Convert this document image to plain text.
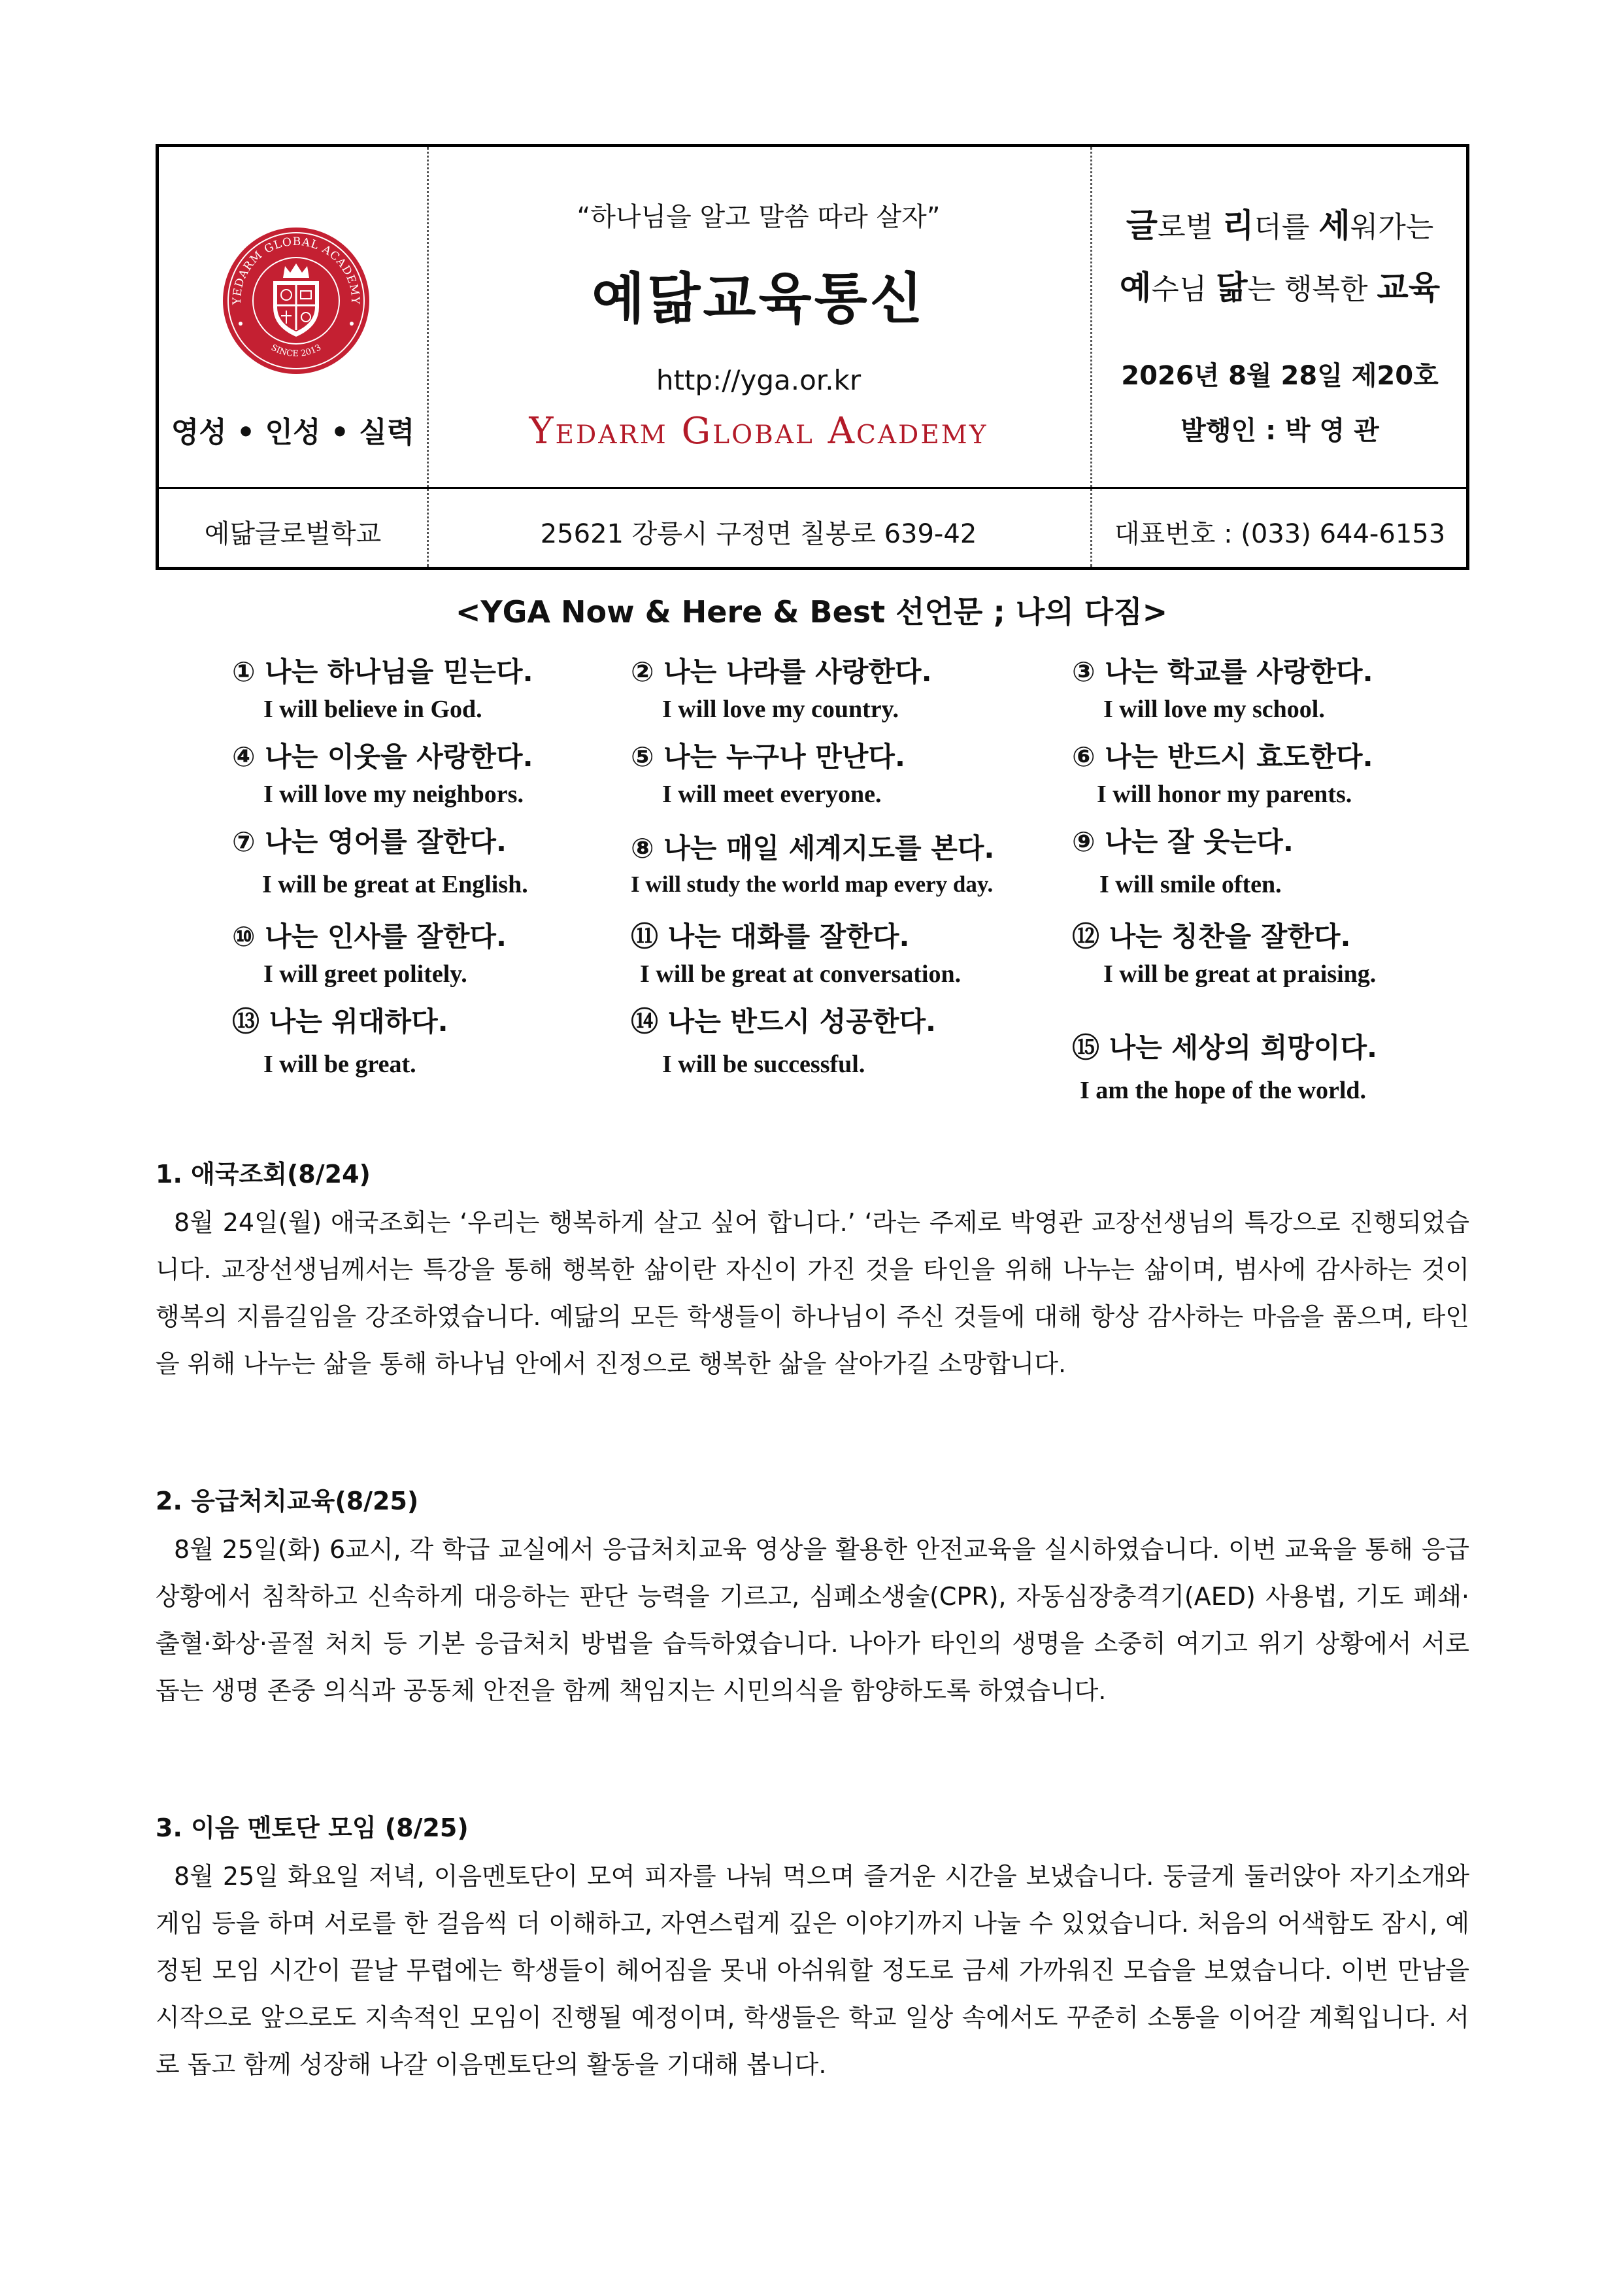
YEDARM GLOBAL ACADEMY
SINCE 2013
영성 • 인성 • 실력
“하나님을 알고 말씀 따라 살자”
예닮교육통신
http://yga.or.kr
Yedarm Global Academy
글로벌 리더를 세워가는
예수님 닮는 행복한 교육
2026년 8월 28일 제20호
발행인 : 박 영 관
예닮글로벌학교	25621 강릉시 구정면 칠봉로 639-42	대표번호 : (033) 644-6153
<YGA Now & Here & Best 선언문 ; 나의 다짐>
① 나는 하나님을 믿는다.
I will believe in God.
② 나는 나라를 사랑한다.
I will love my country.
③ 나는 학교를 사랑한다.
I will love my school.
④ 나는 이웃을 사랑한다.
I will love my neighbors.
⑤ 나는 누구나 만난다.
I will meet everyone.
⑥ 나는 반드시 효도한다.
I will honor my parents.
⑦ 나는 영어를 잘한다.
I will be great at English.
⑧ 나는 매일 세계지도를 본다.
I will study the world map every day.
⑨ 나는 잘 웃는다.
I will smile often.
⑩ 나는 인사를 잘한다.
I will greet politely.
⑪ 나는 대화를 잘한다.
I will be great at conversation.
⑫ 나는 칭찬을 잘한다.
I will be great at praising.
⑬ 나는 위대하다.
I will be great.
⑭ 나는 반드시 성공한다.
I will be successful.
⑮ 나는 세상의 희망이다.
I am the hope of the world.
1. 애국조회(8/24)

8월 24일(월) 애국조회는 ‘우리는 행복하게 살고 싶어 합니다.’ ‘라는 주제로 박영관 교장선생님의 특강으로 진행되었습니다. 교장선생님께서는 특강을 통해 행복한 삶이란 자신이 가진 것을 타인을 위해 나누는 삶이며, 범사에 감사하는 것이 행복의 지름길임을 강조하였습니다. 예닮의 모든 학생들이 하나님이 주신 것들에 대해 항상 감사하는 마음을 품으며, 타인을 위해 나누는 삶을 통해 하나님 안에서 진정으로 행복한 삶을 살아가길 소망합니다.

2. 응급처치교육(8/25)

8월 25일(화) 6교시, 각 학급 교실에서 응급처치교육 영상을 활용한 안전교육을 실시하였습니다. 이번 교육을 통해 응급 상황에서 침착하고 신속하게 대응하는 판단 능력을 기르고, 심폐소생술(CPR), 자동심장충격기(AED) 사용법, 기도 폐쇄·출혈·화상·골절 처치 등 기본 응급처치 방법을 습득하였습니다. 나아가 타인의 생명을 소중히 여기고 위기 상황에서 서로 돕는 생명 존중 의식과 공동체 안전을 함께 책임지는 시민의식을 함양하도록 하였습니다.

3. 이음 멘토단 모임 (8/25)

8월 25일 화요일 저녁, 이음멘토단이 모여 피자를 나눠 먹으며 즐거운 시간을 보냈습니다. 둥글게 둘러앉아 자기소개와 게임 등을 하며 서로를 한 걸음씩 더 이해하고, 자연스럽게 깊은 이야기까지 나눌 수 있었습니다. 처음의 어색함도 잠시, 예정된 모임 시간이 끝날 무렵에는 학생들이 헤어짐을 못내 아쉬워할 정도로 금세 가까워진 모습을 보였습니다. 이번 만남을 시작으로 앞으로도 지속적인 모임이 진행될 예정이며, 학생들은 학교 일상 속에서도 꾸준히 소통을 이어갈 계획입니다. 서로 돕고 함께 성장해 나갈 이음멘토단의 활동을 기대해 봅니다.
